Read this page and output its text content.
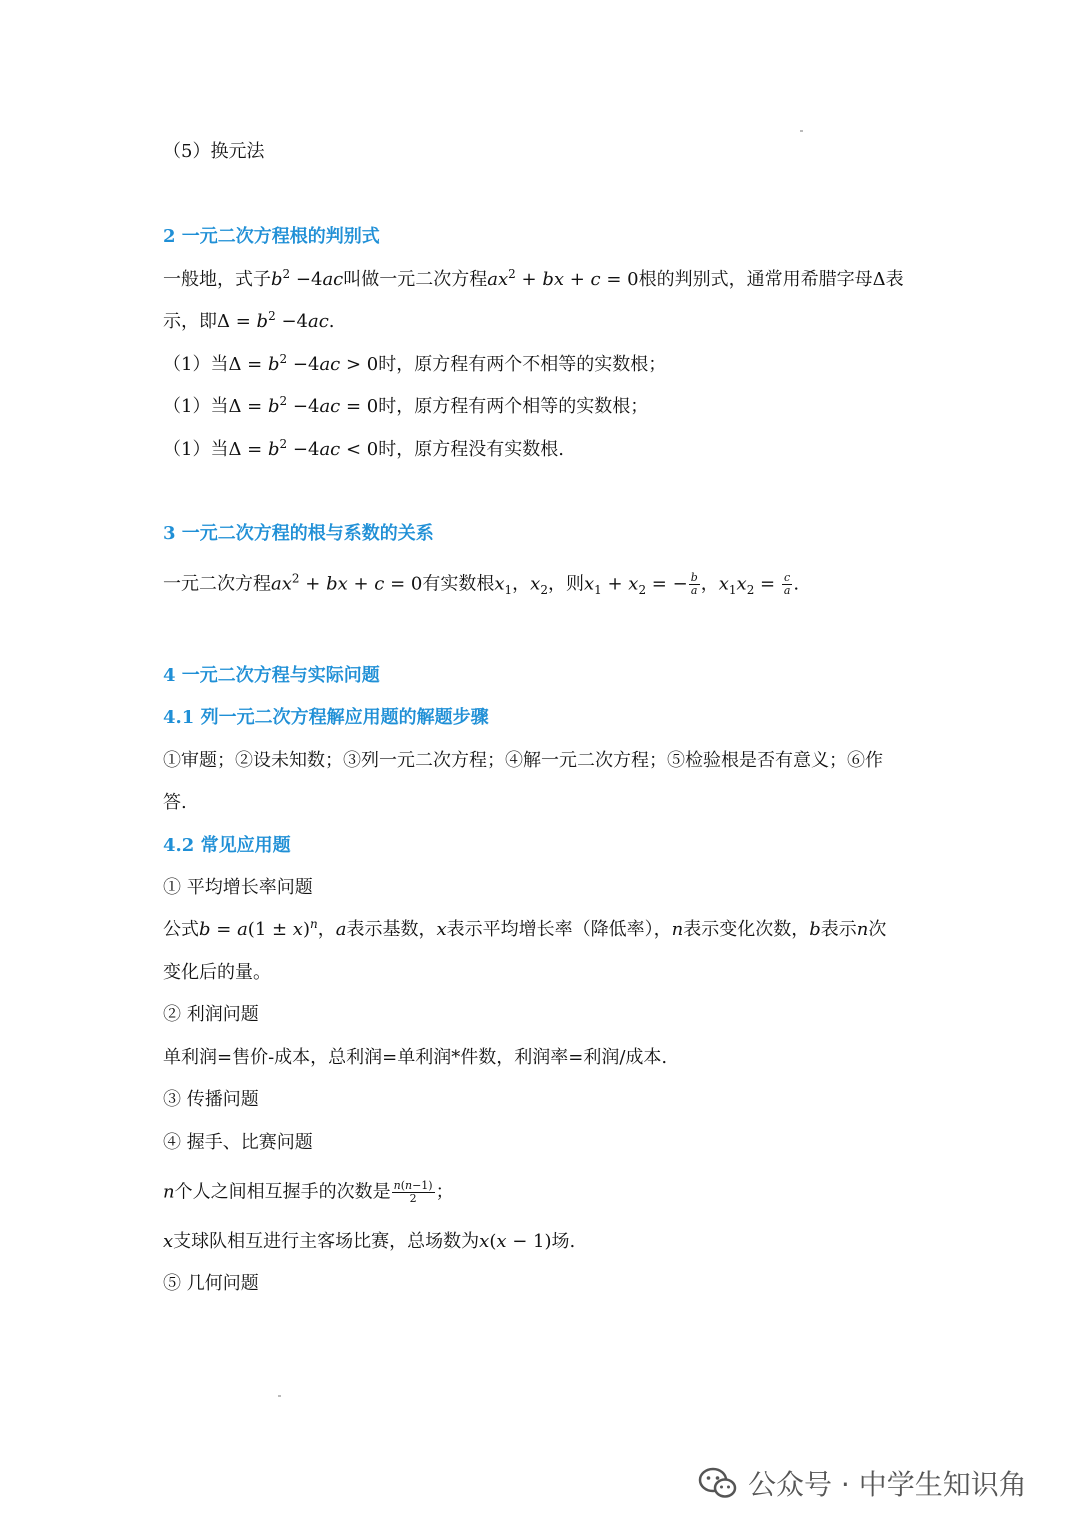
（5）换元法
2 一元二次方程根的判别式
一般地，式子$b^2 -4ac$叫做一元二次方程$ax^2$ + bx + c = 0根的判别式，通常用希腊字母Δ表
示，即$\Delta = b^2 -4ac$.
（1）当$\Delta = b^2 -4ac > 0$时，原方程有两个不相等的实数根；
（1）当$\Delta = b^2 -4ac = 0$时，原方程有两个相等的实数根；
（1）当$\Delta = b^2 -4ac < 0$时，原方程没有实数根.
3 一元二次方程的根与系数的关系
一元二次方程$ax^2$ + bx + c = 0有实数根$x_1$，$x_2$，则$x_1 + x_2$ = − $\frac{b}{a}$ ，$x_1x_2 = \frac{c}{a}$ .
4 一元二次方程与实际问题
4.1 列一元二次方程解应用题的解题步骤
①审题；②设未知数；③列一元二次方程；④解一元二次方程；⑤检验根是否有意义；⑥作
答.
4.2 常见应用题
① 平均增长率问题
公式$b = a(1 \pm x)^n$，a表示基数，x表示平均增长率（降低率），n表示变化次数，b表示n次
变化后的量。
② 利润问题
单利润=售价-成本，总利润=单利润*件数，利润率=利润/成本.
③ 传播问题
④ 握手、比赛问题
n个人之间相互握手的次数是 $\frac{n(n-1)}{2}$ ；
x支球队相互进行主客场比赛，总场数为x(x − 1)场.
⑤ 几何问题
公众号 · 中学生知识角
